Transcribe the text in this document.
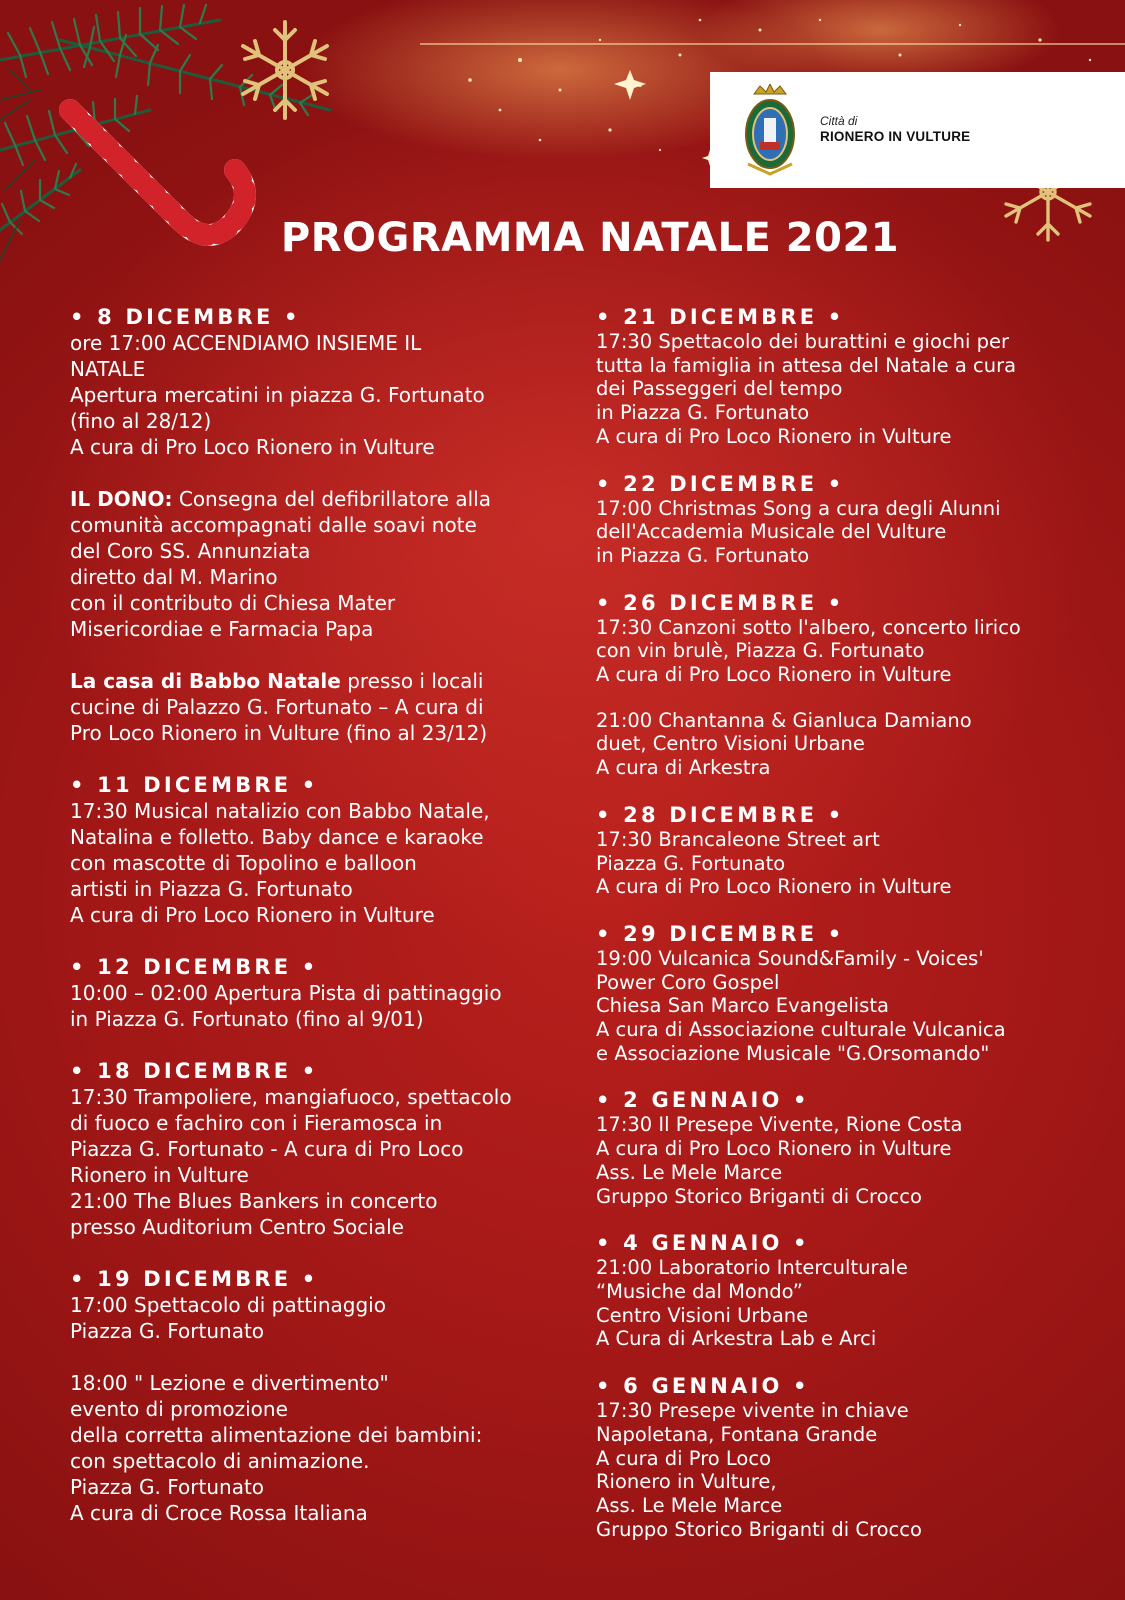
Città di
RIONERO IN VULTURE
PROGRAMMA NATALE 2021

• 8 DICEMBRE •

ore 17:00 ACCENDIAMO INSIEME IL

NATALE

Apertura mercatini in piazza G. Fortunato

(fino al 28/12)

A cura di Pro Loco Rionero in Vulture

IL DONO: Consegna del defibrillatore alla

comunità accompagnati dalle soavi note

del Coro SS. Annunziata

diretto dal M. Marino

con il contributo di Chiesa Mater

Misericordiae e Farmacia Papa

La casa di Babbo Natale presso i locali

cucine di Palazzo G. Fortunato – A cura di

Pro Loco Rionero in Vulture (fino al 23/12)

• 11 DICEMBRE •

17:30 Musical natalizio con Babbo Natale,

Natalina e folletto. Baby dance e karaoke

con mascotte di Topolino e balloon

artisti in Piazza G. Fortunato

A cura di Pro Loco Rionero in Vulture

• 12 DICEMBRE •

10:00 – 02:00 Apertura Pista di pattinaggio

in Piazza G. Fortunato (fino al 9/01)

• 18 DICEMBRE •

17:30 Trampoliere, mangiafuoco, spettacolo

di fuoco e fachiro con i Fieramosca in

Piazza G. Fortunato - A cura di Pro Loco

Rionero in Vulture

21:00 The Blues Bankers in concerto

presso Auditorium Centro Sociale

• 19 DICEMBRE •

17:00 Spettacolo di pattinaggio

Piazza G. Fortunato

18:00 " Lezione e divertimento"

evento di promozione

della corretta alimentazione dei bambini:

con spettacolo di animazione.

Piazza G. Fortunato

A cura di Croce Rossa Italiana

• 21 DICEMBRE •

17:30 Spettacolo dei burattini e giochi per

tutta la famiglia in attesa del Natale a cura

dei Passeggeri del tempo

in Piazza G. Fortunato

A cura di Pro Loco Rionero in Vulture

• 22 DICEMBRE •

17:00 Christmas Song a cura degli Alunni

dell'Accademia Musicale del Vulture

in Piazza G. Fortunato

• 26 DICEMBRE •

17:30 Canzoni sotto l'albero, concerto lirico

con vin brulè, Piazza G. Fortunato

A cura di Pro Loco Rionero in Vulture

21:00 Chantanna & Gianluca Damiano

duet, Centro Visioni Urbane

A cura di Arkestra

• 28 DICEMBRE •

17:30 Brancaleone Street art

Piazza G. Fortunato

A cura di Pro Loco Rionero in Vulture

• 29 DICEMBRE •

19:00 Vulcanica Sound&Family - Voices'

Power Coro Gospel

Chiesa San Marco Evangelista

A cura di Associazione culturale Vulcanica

e Associazione Musicale "G.Orsomando"

• 2 GENNAIO •

17:30 Il Presepe Vivente, Rione Costa

A cura di Pro Loco Rionero in Vulture

Ass. Le Mele Marce

Gruppo Storico Briganti di Crocco

• 4 GENNAIO •

21:00 Laboratorio Interculturale

“Musiche dal Mondo”

Centro Visioni Urbane

A Cura di Arkestra Lab e Arci

• 6 GENNAIO •

17:30 Presepe vivente in chiave

Napoletana, Fontana Grande

A cura di Pro Loco

Rionero in Vulture,

Ass. Le Mele Marce

Gruppo Storico Briganti di Crocco
